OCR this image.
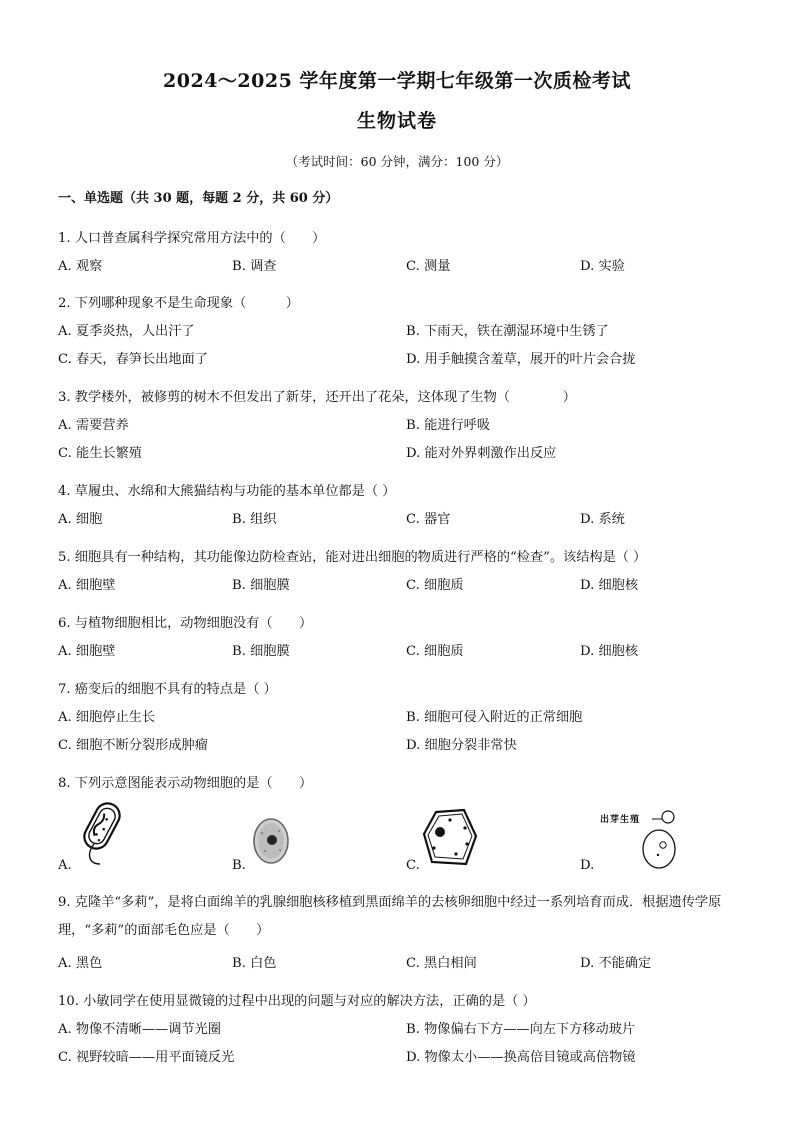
2024～2025 学年度第一学期七年级第一次质检考试
生物试卷
（考试时间：60 分钟，满分：100 分）
一、单选题（共 30 题，每题 2 分，共 60 分）
1. 人口普查属科学探究常用方法中的（　　）
A. 观察	B. 调查	C. 测量	D. 实验
2. 下列哪种现象不是生命现象（　　　）
A. 夏季炎热，人出汗了	B. 下雨天，铁在潮湿环境中生锈了
C. 春天，春笋长出地面了	D. 用手触摸含羞草，展开的叶片会合拢
3. 教学楼外，被修剪的树木不但发出了新芽，还开出了花朵，这体现了生物（　　　　）
A. 需要营养	B. 能进行呼吸
C. 能生长繁殖	D. 能对外界刺激作出反应
4. 草履虫、水绵和大熊猫结构与功能的基本单位都是（ ）
A. 细胞	B. 组织	C. 器官	D. 系统
5. 细胞具有一种结构，其功能像边防检查站，能对进出细胞的物质进行严格的“检查”。该结构是（ ）
A. 细胞壁	B. 细胞膜	C. 细胞质	D. 细胞核
6. 与植物细胞相比，动物细胞没有（　　）
A. 细胞壁	B. 细胞膜	C. 细胞质	D. 细胞核
7. 癌变后的细胞不具有的特点是（ ）
A. 细胞停止生长	B. 细胞可侵入附近的正常细胞
C. 细胞不断分裂形成肿瘤	D. 细胞分裂非常快
8. 下列示意图能表示动物细胞的是（　　）
出芽生殖
A.	B.	C.	D.
9. 克隆羊“多莉”，是将白面绵羊的乳腺细胞核移植到黑面绵羊的去核卵细胞中经过一系列培育而成．根据遗传学原理，“多莉”的面部毛色应是（　　）
A. 黑色	B. 白色	C. 黑白相间	D. 不能确定
10. 小敏同学在使用显微镜的过程中出现的问题与对应的解决方法，正确的是（ ）
A. 物像不清晰——调节光圈	B. 物像偏右下方——向左下方移动玻片
C. 视野较暗——用平面镜反光	D. 物像太小——换高倍目镜或高倍物镜
